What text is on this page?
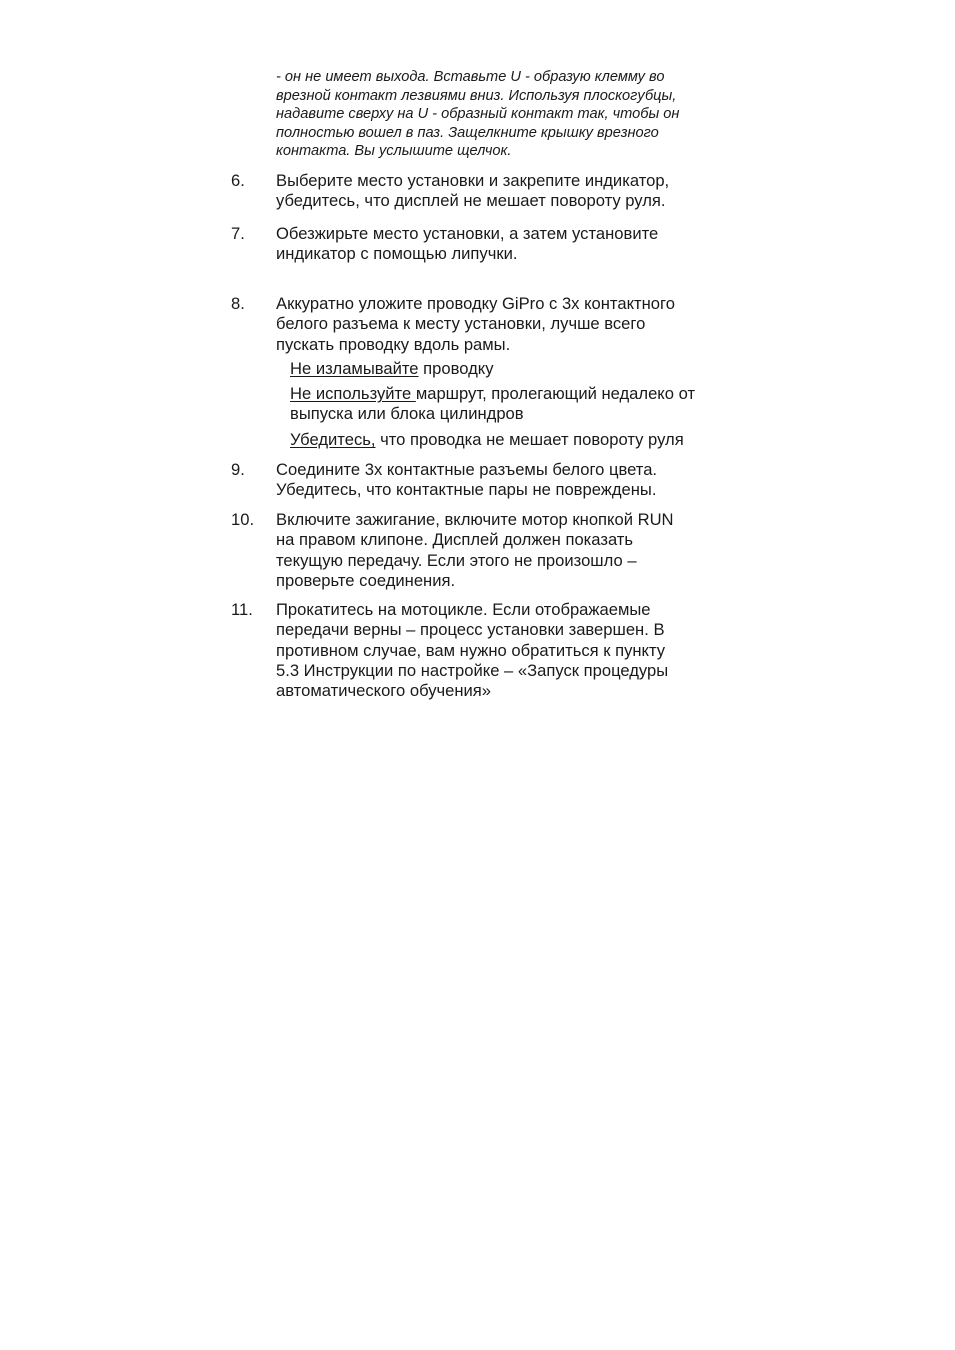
- он не имеет выхода. Вставьте U - образую клемму во
врезной контакт лезвиями вниз. Используя плоскогубцы,
надавите сверху на U - образный контакт так, чтобы он
полностью вошел в паз. Защелкните крышку врезного
контакта. Вы услышите щелчок.
6. Выберите место установки и закрепите индикатор,
убедитесь, что дисплей не мешает повороту руля.
7. Обезжирьте место установки, а затем установите
индикатор с помощью липучки.
8. Аккуратно уложите проводку GiPro с 3х контактного
белого разъема к месту установки, лучше всего
пускать проводку вдоль рамы.
Не изламывайте проводку
Не используйте маршрут, пролегающий недалеко от
выпуска или блока цилиндров
Убедитесь, что проводка не мешает повороту руля
9. Соедините 3х контактные разъемы белого цвета.
Убедитесь, что контактные пары не повреждены.
10. Включите зажигание, включите мотор кнопкой RUN
на правом клипоне. Дисплей должен показать
текущую передачу. Если этого не произошло –
проверьте соединения.
11. Прокатитесь на мотоцикле. Если отображаемые
передачи верны – процесс установки завершен. В
противном случае, вам нужно обратиться к пункту
5.3 Инструкции по настройке – «Запуск процедуры
автоматического обучения»
